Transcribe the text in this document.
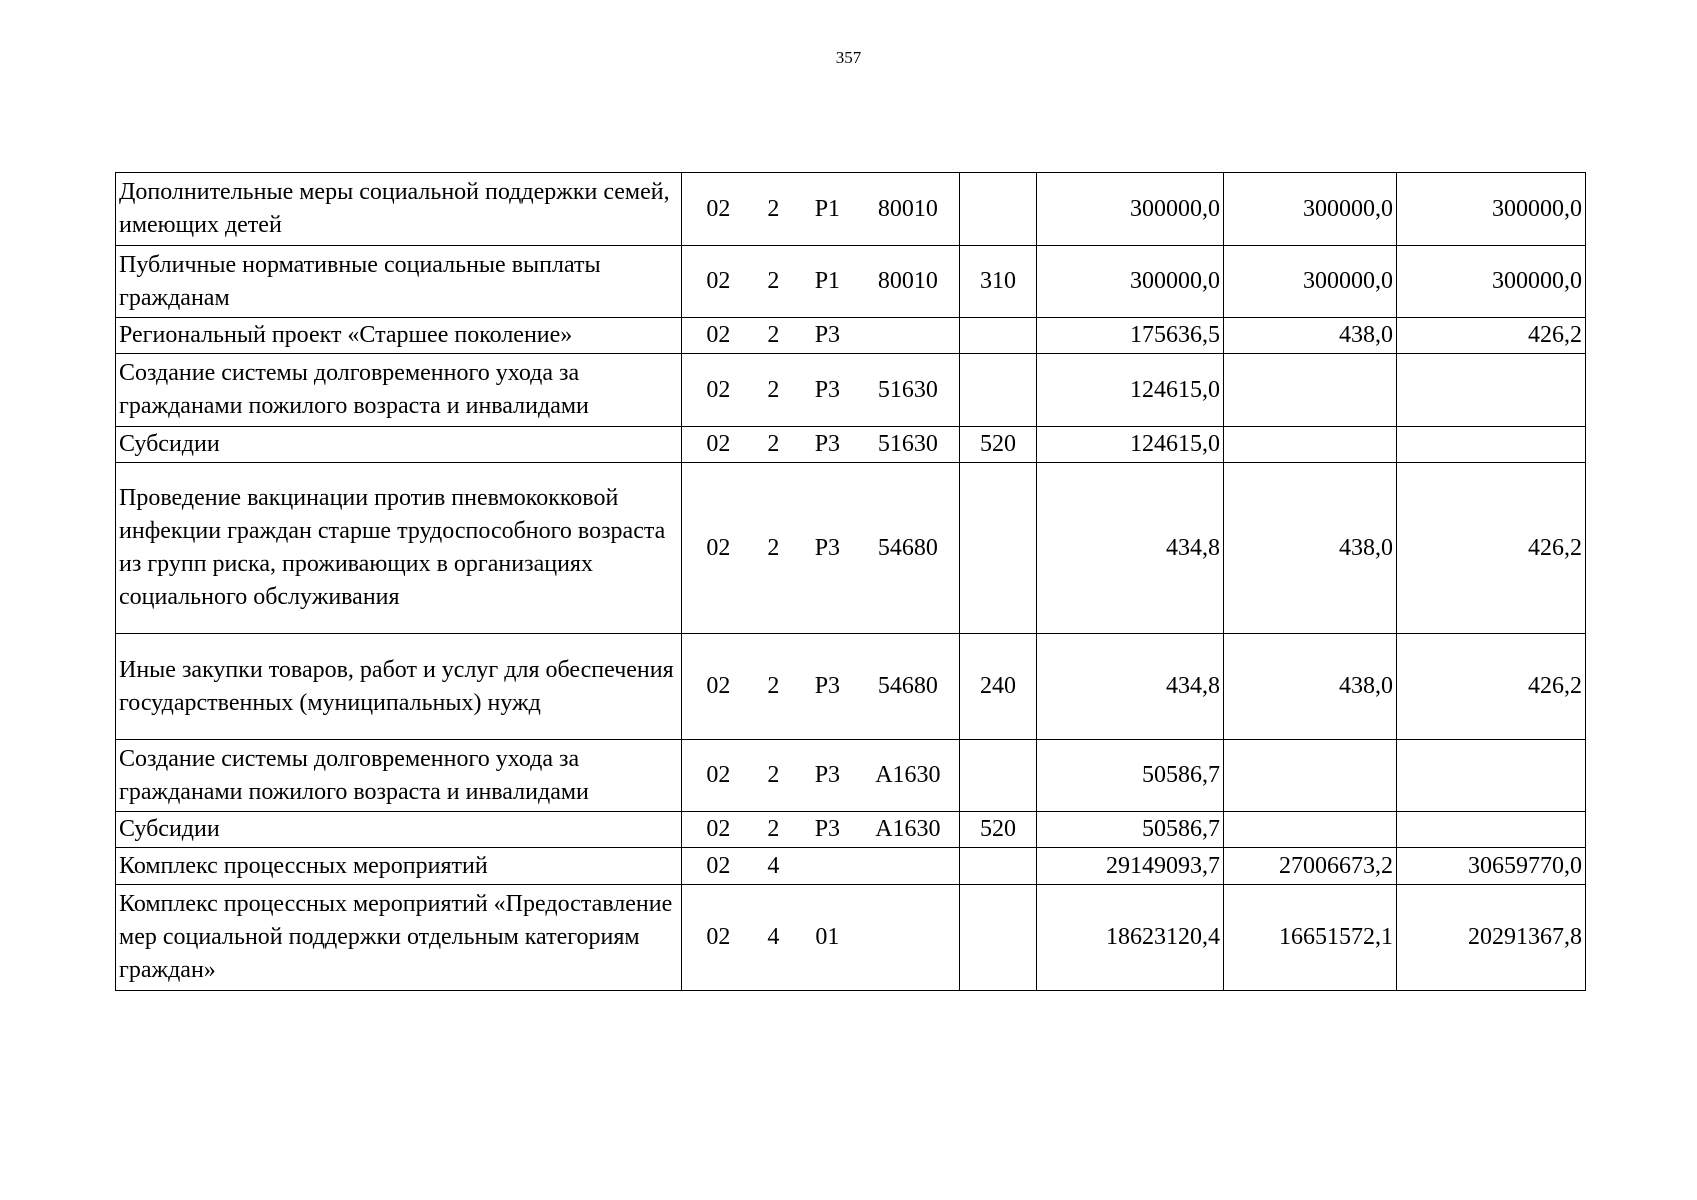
357
Дополнительные меры социальной поддержки семей, имеющих детей	02 2 P1 80010		300000,0	300000,0	300000,0
Публичные нормативные социальные выплаты гражданам	02 2 P1 80010	310	300000,0	300000,0	300000,0
Региональный проект «Старшее поколение»	02 2 P3		175636,5	438,0	426,2
Создание системы долговременного ухода за гражданами пожилого возраста и инвалидами	02 2 P3 51630		124615,0		
Субсидии	02 2 P3 51630	520	124615,0		
Проведение вакцинации против пневмококковой инфекции граждан старше трудоспособного возраста из групп риска, проживающих в организациях социального обслуживания	02 2 P3 54680		434,8	438,0	426,2
Иные закупки товаров, работ и услуг для обеспечения государственных (муниципальных) нужд	02 2 P3 54680	240	434,8	438,0	426,2
Создание системы долговременного ухода за гражданами пожилого возраста и инвалидами	02 2 P3 A1630		50586,7		
Субсидии	02 2 P3 A1630	520	50586,7		
Комплекс процессных мероприятий	02 4		29149093,7	27006673,2	30659770,0
Комплекс процессных мероприятий «Предоставление мер социальной поддержки отдельным категориям граждан»	02 4 01		18623120,4	16651572,1	20291367,8
